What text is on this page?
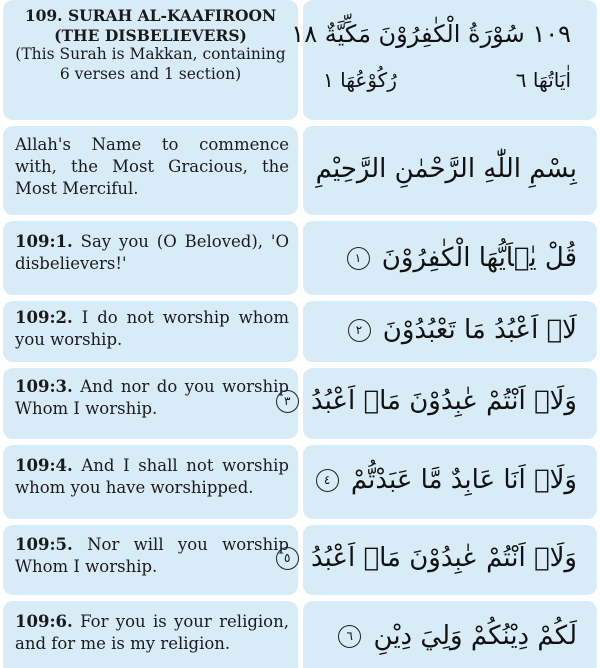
109. SURAH AL-KAAFIROON
(THE DISBELIEVERS)
(This Surah is Makkan, containing
6 verses and 1 section)
١٠٩ سُوْرَةُ الْكٰفِرُوْنَ مَكِّيَّةٌ ١٨
اٰيَاتُهَا ٦
رُكُوْعُهَا ١
Allah's Name to commence with, the Most Gracious, the Most Merciful.
بِسْمِ اللّٰهِ الرَّحْمٰنِ الرَّحِيْمِ
109:1. Say you (O Beloved), 'O disbelievers!'	قُلْ يٰۤاَيُّهَا الْكٰفِرُوْنَ ١
109:2. I do not worship whom you worship.	لَاۤ اَعْبُدُ مَا تَعْبُدُوْنَ ٢
109:3. And nor do you worship Whom I worship.	وَلَاۤ اَنْتُمْ عٰبِدُوْنَ مَاۤ اَعْبُدُ ٣
109:4. And I shall not worship whom you have worshipped.	وَلَاۤ اَنَا عَابِدٌ مَّا عَبَدْتُّمْ ٤
109:5. Nor will you worship Whom I worship.	وَلَاۤ اَنْتُمْ عٰبِدُوْنَ مَاۤ اَعْبُدُ ٥
109:6. For you is your religion, and for me is my religion.	لَكُمْ دِيْنُكُمْ وَلِيَ دِيْنِ ٦
